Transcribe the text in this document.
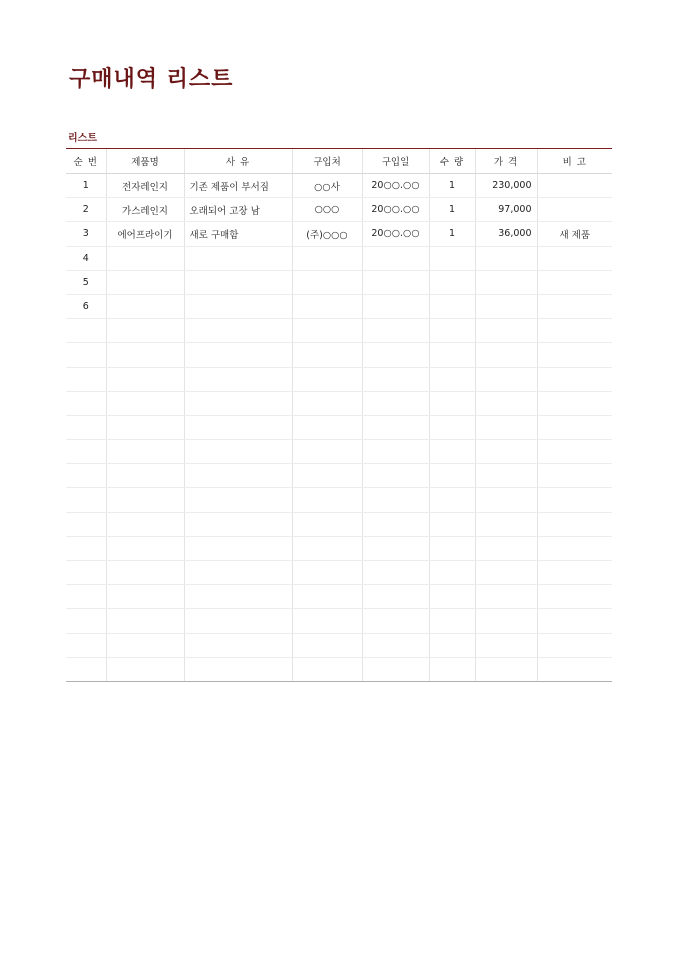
구매내역 리스트
리스트
순 번	제품명	사 유	구입처	구입일	수 량	가 격	비 고
1	전자레인지	기존 제품이 부서짐	○○사	20○○.○○	1	230,000	
2	가스레인지	오래되어 고장 남	○○○	20○○.○○	1	97,000	
3	에어프라이기	새로 구매함	(주)○○○	20○○.○○	1	36,000	새 제품
4							
5							
6							
